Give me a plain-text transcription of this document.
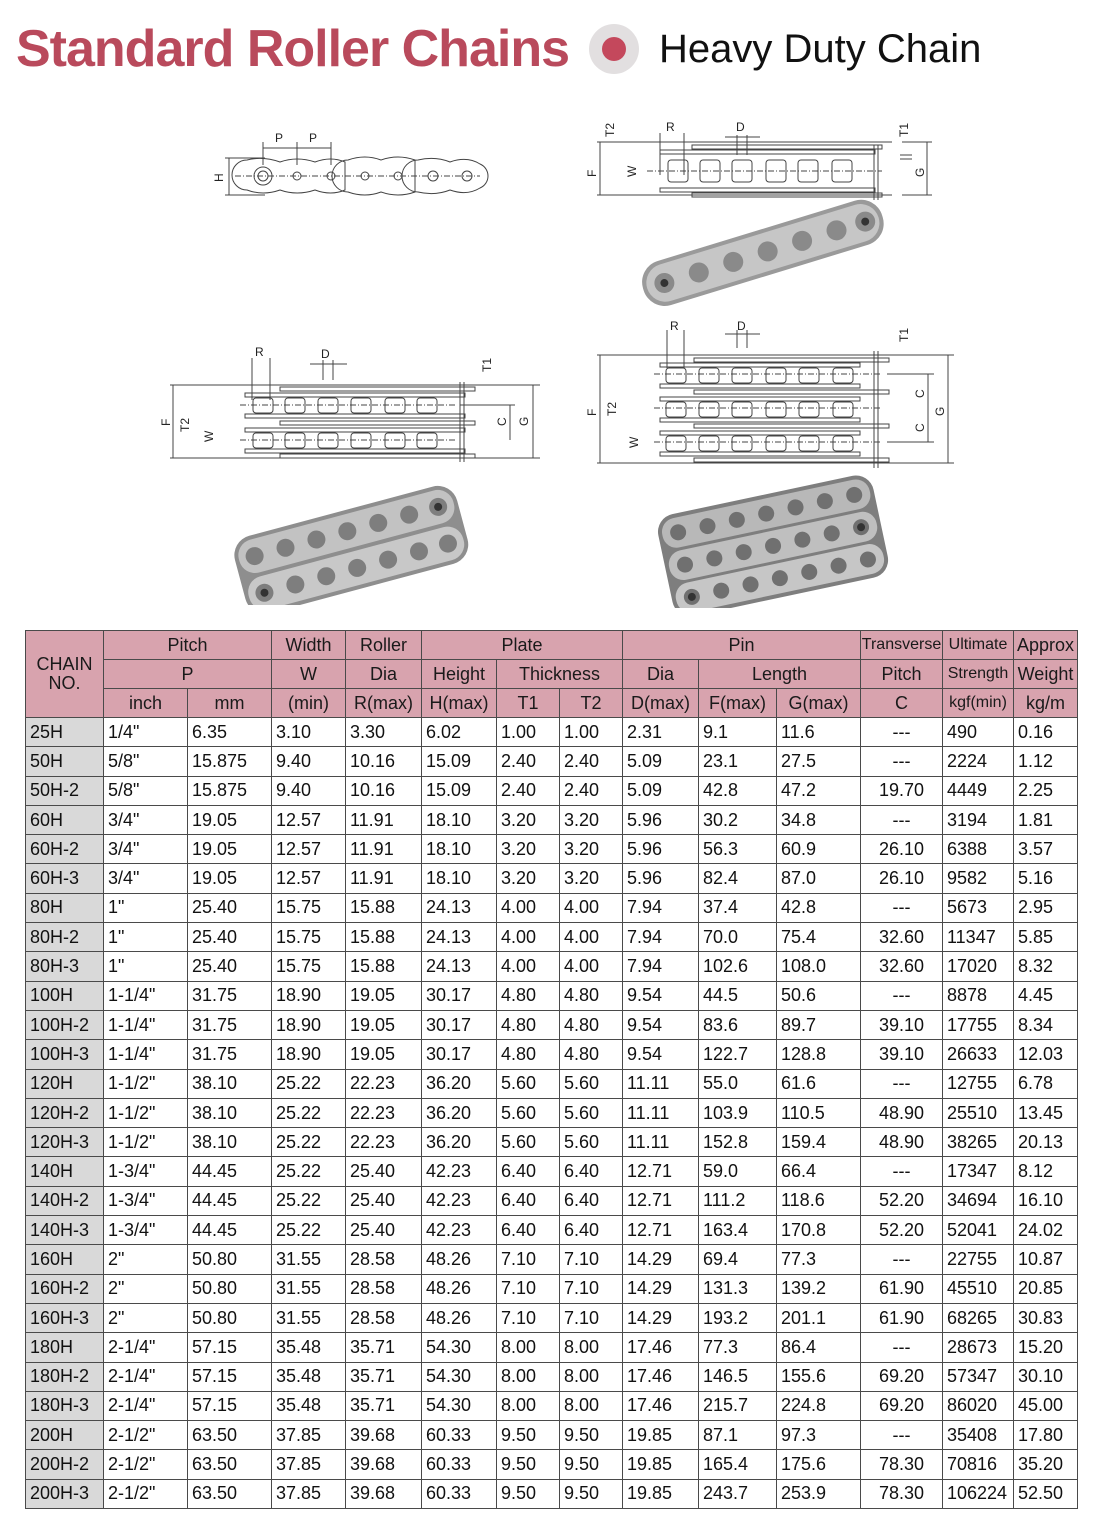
Standard Roller Chains Heavy Duty Chain
P P
H
R	D
T2	T1
F W	G
R	D
T1
F T2
W
C G
R	D
T1
F T2
W
C
C
G
CHAIN NO.	Pitch		Width	Roller	Plate			Pin			Transverse	Ultimate	Approx
	P		W	Dia	Height	Thickness		Dia	Length		Pitch	Strength	Weight
	inch	mm	(min)	R(max)	H(max)	T1	T2	D(max)	F(max)	G(max)	C	kgf(min)	kg/m
25H	1/4"	6.35	3.10	3.30	6.02	1.00	1.00	2.31	9.1	11.6	---	490	0.16
50H	5/8"	15.875	9.40	10.16	15.09	2.40	2.40	5.09	23.1	27.5	---	2224	1.12
50H-2	5/8"	15.875	9.40	10.16	15.09	2.40	2.40	5.09	42.8	47.2	19.70	4449	2.25
60H	3/4"	19.05	12.57	11.91	18.10	3.20	3.20	5.96	30.2	34.8	---	3194	1.81
60H-2	3/4"	19.05	12.57	11.91	18.10	3.20	3.20	5.96	56.3	60.9	26.10	6388	3.57
60H-3	3/4"	19.05	12.57	11.91	18.10	3.20	3.20	5.96	82.4	87.0	26.10	9582	5.16
80H	1"	25.40	15.75	15.88	24.13	4.00	4.00	7.94	37.4	42.8	---	5673	2.95
80H-2	1"	25.40	15.75	15.88	24.13	4.00	4.00	7.94	70.0	75.4	32.60	11347	5.85
80H-3	1"	25.40	15.75	15.88	24.13	4.00	4.00	7.94	102.6	108.0	32.60	17020	8.32
100H	1-1/4"	31.75	18.90	19.05	30.17	4.80	4.80	9.54	44.5	50.6	---	8878	4.45
100H-2	1-1/4"	31.75	18.90	19.05	30.17	4.80	4.80	9.54	83.6	89.7	39.10	17755	8.34
100H-3	1-1/4"	31.75	18.90	19.05	30.17	4.80	4.80	9.54	122.7	128.8	39.10	26633	12.03
120H	1-1/2"	38.10	25.22	22.23	36.20	5.60	5.60	11.11	55.0	61.6	---	12755	6.78
120H-2	1-1/2"	38.10	25.22	22.23	36.20	5.60	5.60	11.11	103.9	110.5	48.90	25510	13.45
120H-3	1-1/2"	38.10	25.22	22.23	36.20	5.60	5.60	11.11	152.8	159.4	48.90	38265	20.13
140H	1-3/4"	44.45	25.22	25.40	42.23	6.40	6.40	12.71	59.0	66.4	---	17347	8.12
140H-2	1-3/4"	44.45	25.22	25.40	42.23	6.40	6.40	12.71	111.2	118.6	52.20	34694	16.10
140H-3	1-3/4"	44.45	25.22	25.40	42.23	6.40	6.40	12.71	163.4	170.8	52.20	52041	24.02
160H	2"	50.80	31.55	28.58	48.26	7.10	7.10	14.29	69.4	77.3	---	22755	10.87
160H-2	2"	50.80	31.55	28.58	48.26	7.10	7.10	14.29	131.3	139.2	61.90	45510	20.85
160H-3	2"	50.80	31.55	28.58	48.26	7.10	7.10	14.29	193.2	201.1	61.90	68265	30.83
180H	2-1/4"	57.15	35.48	35.71	54.30	8.00	8.00	17.46	77.3	86.4	---	28673	15.20
180H-2	2-1/4"	57.15	35.48	35.71	54.30	8.00	8.00	17.46	146.5	155.6	69.20	57347	30.10
180H-3	2-1/4"	57.15	35.48	35.71	54.30	8.00	8.00	17.46	215.7	224.8	69.20	86020	45.00
200H	2-1/2"	63.50	37.85	39.68	60.33	9.50	9.50	19.85	87.1	97.3	---	35408	17.80
200H-2	2-1/2"	63.50	37.85	39.68	60.33	9.50	9.50	19.85	165.4	175.6	78.30	70816	35.20
200H-3	2-1/2"	63.50	37.85	39.68	60.33	9.50	9.50	19.85	243.7	253.9	78.30	106224	52.50
